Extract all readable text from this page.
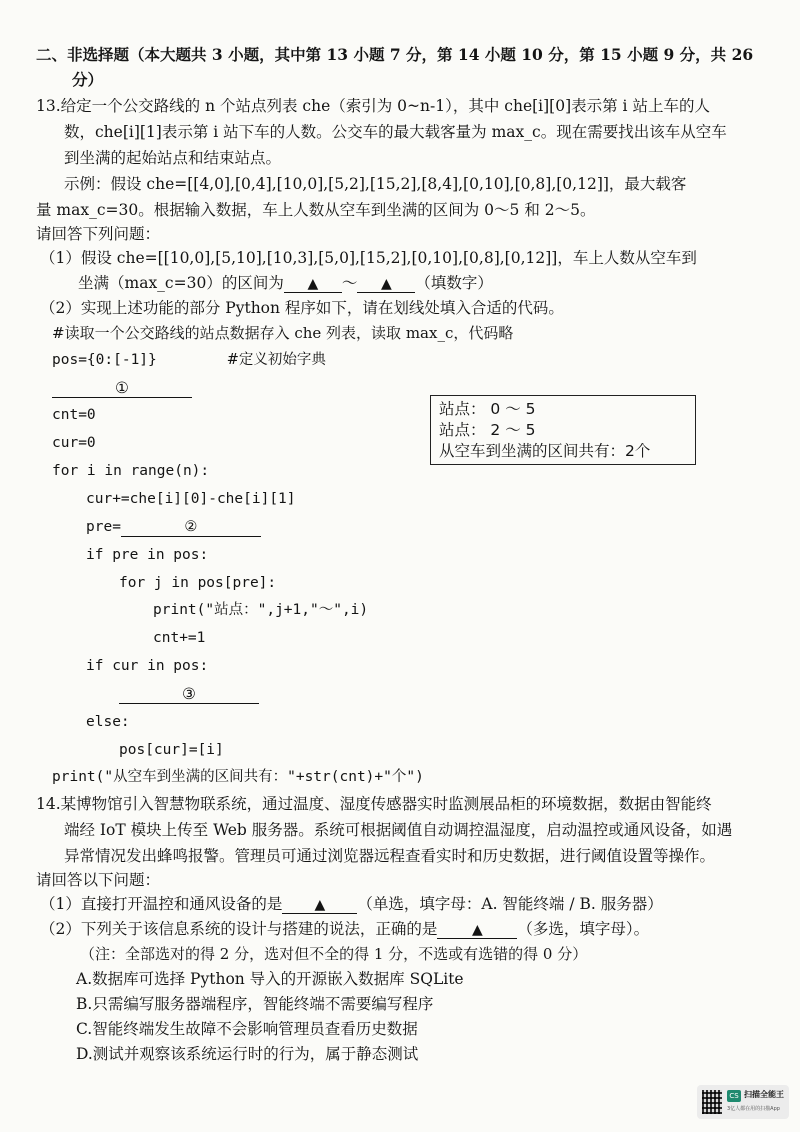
二、非选择题（本大题共 3 小题，其中第 13 小题 7 分，第 14 小题 10 分，第 15 小题 9 分，共 26
分）
13.给定一个公交路线的 n 个站点列表 che（索引为 0~n-1），其中 che[i][0]表示第 i 站上车的人
数，che[i][1]表示第 i 站下车的人数。公交车的最大载客量为 max_c。现在需要找出该车从空车
到坐满的起始站点和结束站点。
示例：假设 che=[[4,0],[0,4],[10,0],[5,2],[15,2],[8,4],[0,10],[0,8],[0,12]]，最大载客
量 max_c=30。根据输入数据，车上人数从空车到坐满的区间为 0～5 和 2～5。
请回答下列问题：
（1）假设 che=[[10,0],[5,10],[10,3],[5,0],[15,2],[0,10],[0,8],[0,12]]，车上人数从空车到
坐满（max_c=30）的区间为 ▲ ～ ▲ （填数字）
（2）实现上述功能的部分 Python 程序如下，请在划线处填入合适的代码。
#读取一个公交路线的站点数据存入 che 列表，读取 max_c，代码略
pos={0:[-1]}	#定义初始字典
①
cnt=0
cur=0
for i in range(n):
cur+=che[i][0]-che[i][1]
pre=	②
if pre in pos:
for j in pos[pre]:
print("站点：",j+1,"～",i)
cnt+=1
if cur in pos:
③
else:
pos[cur]=[i]
print("从空车到坐满的区间共有："+str(cnt)+"个")
站点： 0 ～ 5
站点： 2 ～ 5
从空车到坐满的区间共有：2个
14.某博物馆引入智慧物联系统，通过温度、湿度传感器实时监测展品柜的环境数据，数据由智能终
端经 IoT 模块上传至 Web 服务器。系统可根据阈值自动调控温湿度，启动温控或通风设备，如遇
异常情况发出蜂鸣报警。管理员可通过浏览器远程查看实时和历史数据，进行阈值设置等操作。
请回答以下问题：
（1）直接打开温控和通风设备的是 ▲ （单选，填字母：A. 智能终端 / B. 服务器）
（2）下列关于该信息系统的设计与搭建的说法，正确的是 ▲ （多选，填字母）。
（注：全部选对的得 2 分，选对但不全的得 1 分，不选或有选错的得 0 分）
A.数据库可选择 Python 导入的开源嵌入数据库 SQLite
B.只需编写服务器端程序，智能终端不需要编写程序
C.智能终端发生故障不会影响管理员查看历史数据
D.测试并观察该系统运行时的行为，属于静态测试
CS 扫描全能王
3亿人都在用的扫描App
